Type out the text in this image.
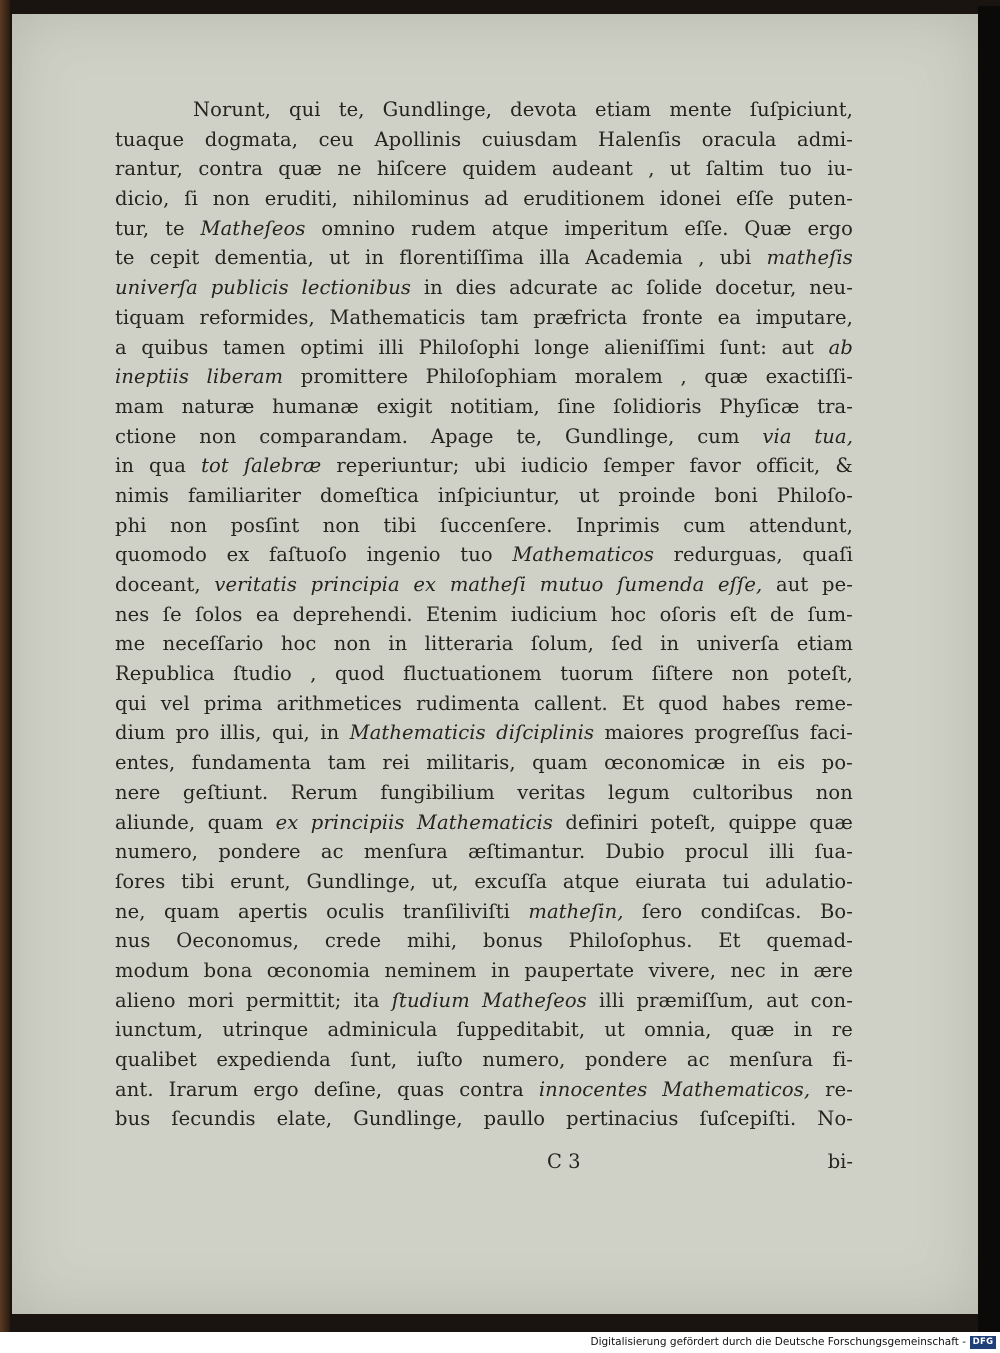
Norunt, qui te, Gundlinge, devota etiam mente ſuſpiciunt,
tuaque dogmata, ceu Apollinis cuiusdam Halenſis oracula admi-
rantur, contra quæ ne hiſcere quidem audeant , ut ſaltim tuo iu-
dicio, ſi non eruditi, nihilominus ad eruditionem idonei eſſe puten-
tur, te Matheſeos omnino rudem atque imperitum eſſe. Quæ ergo
te cepit dementia, ut in florentiſſima illa Academia , ubi matheſis
univerſa publicis lectionibus in dies adcurate ac ſolide docetur, neu-
tiquam reformides, Mathematicis tam præfricta fronte ea imputare,
a quibus tamen optimi illi Philoſophi longe alieniſſimi ſunt: aut ab
ineptiis liberam promittere Philoſophiam moralem , quæ exactiſſi-
mam naturæ humanæ exigit notitiam, ſine ſolidioris Phyſicæ tra-
ctione non comparandam. Apage te, Gundlinge, cum via tua,
in qua tot ſalebræ reperiuntur; ubi iudicio ſemper favor officit, &
nimis familiariter domeſtica inſpiciuntur, ut proinde boni Philoſo-
phi non posſint non tibi ſuccenſere. Inprimis cum attendunt,
quomodo ex faſtuoſo ingenio tuo Mathematicos redurguas, quaſi
doceant, veritatis principia ex matheſi mutuo ſumenda eſſe, aut pe-
nes ſe ſolos ea deprehendi. Etenim iudicium hoc oſoris eſt de ſum-
me neceſſario hoc non in litteraria ſolum, ſed in univerſa etiam
Republica ſtudio , quod fluctuationem tuorum ſiſtere non poteſt,
qui vel prima arithmetices rudimenta callent. Et quod habes reme-
dium pro illis, qui, in Mathematicis diſciplinis maiores progreſſus faci-
entes, fundamenta tam rei militaris, quam œconomicæ in eis po-
nere geſtiunt. Rerum fungibilium veritas legum cultoribus non
aliunde, quam ex principiis Mathematicis definiri poteſt, quippe quæ
numero, pondere ac menſura æſtimantur. Dubio procul illi ſua-
ſores tibi erunt, Gundlinge, ut, excuſſa atque eiurata tui adulatio-
ne, quam apertis oculis tranſiliviſti matheſin, ſero condiſcas. Bo-
nus Oeconomus, crede mihi, bonus Philoſophus. Et quemad-
modum bona œconomia neminem in paupertate vivere, nec in ære
alieno mori permittit; ita ſtudium Matheſeos illi præmiſſum, aut con-
iunctum, utrinque adminicula ſuppeditabit, ut omnia, quæ in re
qualibet expedienda ſunt, iuſto numero, pondere ac menſura fi-
ant. Irarum ergo deſine, quas contra innocentes Mathematicos, re-
bus ſecundis elate, Gundlinge, paullo pertinacius ſuſcepiſti. No-
C 3	bi-
Digitalisierung gefördert durch die Deutsche Forschungsgemeinschaft - DFG
